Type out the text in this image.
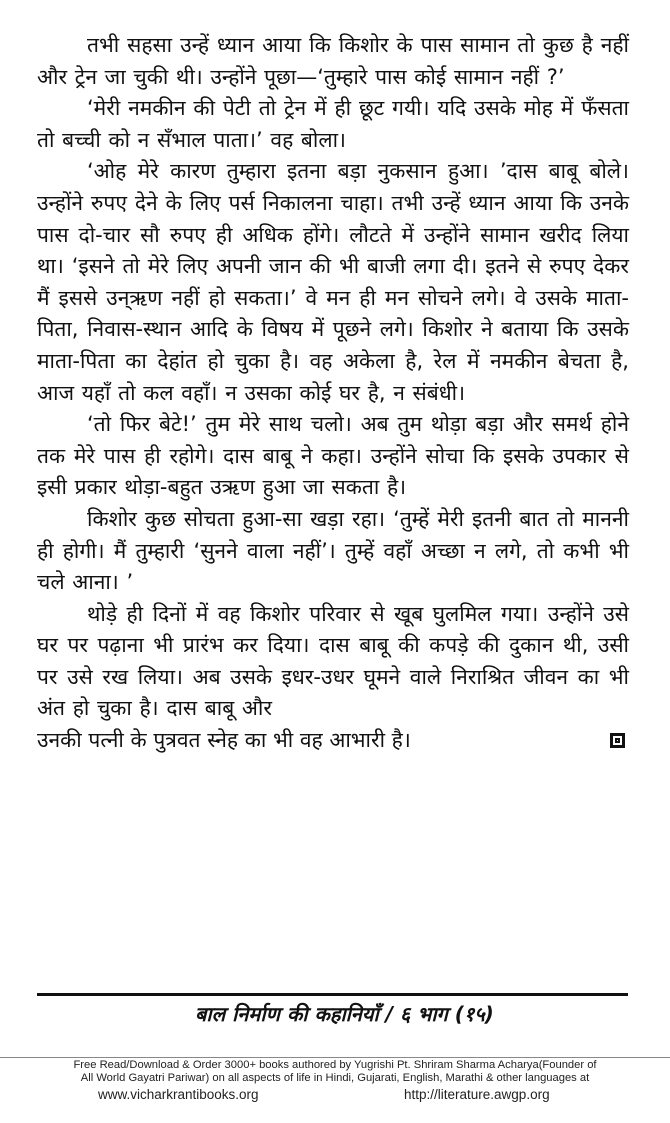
तभी सहसा उन्हें ध्यान आया कि किशोर के पास सामान तो कुछ है नहीं और ट्रेन जा चुकी थी। उन्होंने पूछा—‘तुम्हारे पास कोई सामान नहीं ?’

‘मेरी नमकीन की पेटी तो ट्रेन में ही छूट गयी। यदि उसके मोह में फँसता तो बच्ची को न सँभाल पाता।’ वह बोला।

‘ओह मेरे कारण तुम्हारा इतना बड़ा नुकसान हुआ। ’दास बाबू बोले। उन्होंने रुपए देने के लिए पर्स निकालना चाहा। तभी उन्हें ध्यान आया कि उनके पास दो-चार सौ रुपए ही अधिक होंगे। लौटते में उन्होंने सामान खरीद लिया था। ‘इसने तो मेरे लिए अपनी जान की भी बाजी लगा दी। इतने से रुपए देकर मैं इससे उन्ऋण नहीं हो सकता।’ वे मन ही मन सोचने लगे। वे उसके माता-पिता, निवास-स्थान आदि के विषय में पूछने लगे। किशोर ने बताया कि उसके माता-पिता का देहांत हो चुका है। वह अकेला है, रेल में नमकीन बेचता है, आज यहाँ तो कल वहाँ। न उसका कोई घर है, न संबंधी।

‘तो फिर बेटे!’ तुम मेरे साथ चलो। अब तुम थोड़ा बड़ा और समर्थ होने तक मेरे पास ही रहोगे। दास बाबू ने कहा। उन्होंने सोचा कि इसके उपकार से इसी प्रकार थोड़ा-बहुत उऋण हुआ जा सकता है।

किशोर कुछ सोचता हुआ-सा खड़ा रहा। ‘तुम्हें मेरी इतनी बात तो माननी ही होगी। मैं तुम्हारी ‘सुनने वाला नहीं’। तुम्हें वहाँ अच्छा न लगे, तो कभी भी चले आना। ’

थोड़े ही दिनों में वह किशोर परिवार से खूब घुलमिल गया। उन्होंने उसे घर पर पढ़ाना भी प्रारंभ कर दिया। दास बाबू की कपड़े की दुकान थी, उसी पर उसे रख लिया। अब उसके इधर-उधर घूमने वाले निराश्रित जीवन का भी अंत हो चुका है। दास बाबू और

उनकी पत्नी के पुत्रवत स्नेह का भी वह आभारी है।
बाल निर्माण की कहानियाँ / ६ भाग (१५)
Free Read/Download & Order 3000+ books authored by Yugrishi Pt. Shriram Sharma Acharya(Founder of
All World Gayatri Pariwar) on all aspects of life in Hindi, Gujarati, English, Marathi & other languages at
www.vicharkrantibooks.org	http://literature.awgp.org
